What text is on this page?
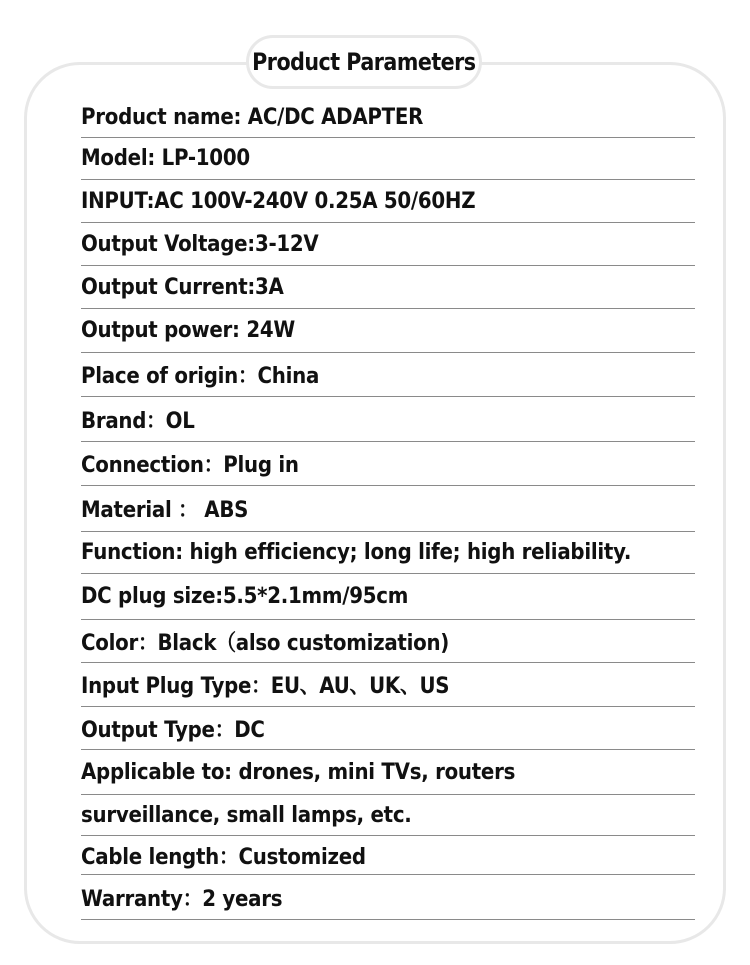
Product Parameters
Product name: AC/DC ADAPTER
Model: LP-1000
INPUT:AC 100V-240V 0.25A 50/60HZ
Output Voltage:3-12V
Output Current:3A
Output power: 24W
Place of origin：China
Brand：OL
Connection：Plug in
Material ： ABS
Function: high efficiency; long life; high reliability.
DC plug size:5.5*2.1mm/95cm
Color：Black（also customization)
Input Plug Type：EU、AU、UK、US
Output Type：DC
Applicable to: drones, mini TVs, routers
surveillance, small lamps, etc.
Cable length：Customized
Warranty：2 years
